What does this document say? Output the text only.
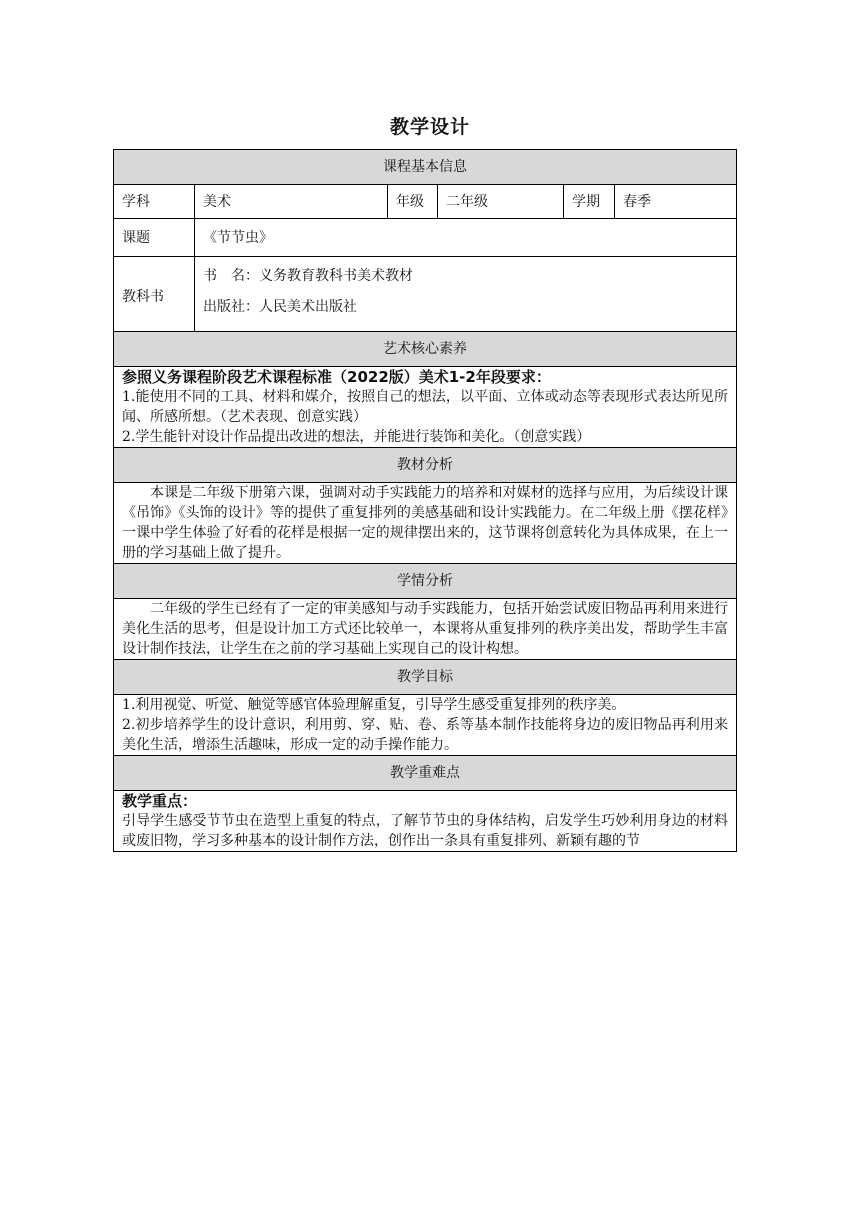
教学设计
课程基本信息					
学科	美术	年级	二年级	学期	春季
课题	《节节虫》				
教科书	书　名：义务教育教科书美术教材
出版社：人民美术出版社				

艺术核心素养					

参照义务课程阶段艺术课程标准（2022版）美术1-2年段要求：
1.能使用不同的工具、材料和媒介，按照自己的想法，以平面、立体或动态等表现形式表达所见所闻、所感所想。（艺术表现、创意实践）
2.学生能针对设计作品提出改进的想法，并能进行装饰和美化。（创意实践）					

教材分析					

本课是二年级下册第六课，强调对动手实践能力的培养和对媒材的选择与应用，为后续设计课《吊饰》《头饰的设计》等的提供了重复排列的美感基础和设计实践能力。在二年级上册《摆花样》一课中学生体验了好看的花样是根据一定的规律摆出来的，这节课将创意转化为具体成果，在上一册的学习基础上做了提升。					

学情分析					

二年级的学生已经有了一定的审美感知与动手实践能力，包括开始尝试废旧物品再利用来进行美化生活的思考，但是设计加工方式还比较单一，本课将从重复排列的秩序美出发，帮助学生丰富设计制作技法，让学生在之前的学习基础上实现自己的设计构想。					

教学目标					

1.利用视觉、听觉、触觉等感官体验理解重复，引导学生感受重复排列的秩序美。
2.初步培养学生的设计意识，利用剪、穿、贴、卷、系等基本制作技能将身边的废旧物品再利用来美化生活，增添生活趣味，形成一定的动手操作能力。					

教学重难点					

教学重点：
引导学生感受节节虫在造型上重复的特点，了解节节虫的身体结构，启发学生巧妙利用身边的材料或废旧物，学习多种基本的设计制作方法，创作出一条具有重复排列、新颖有趣的节					
